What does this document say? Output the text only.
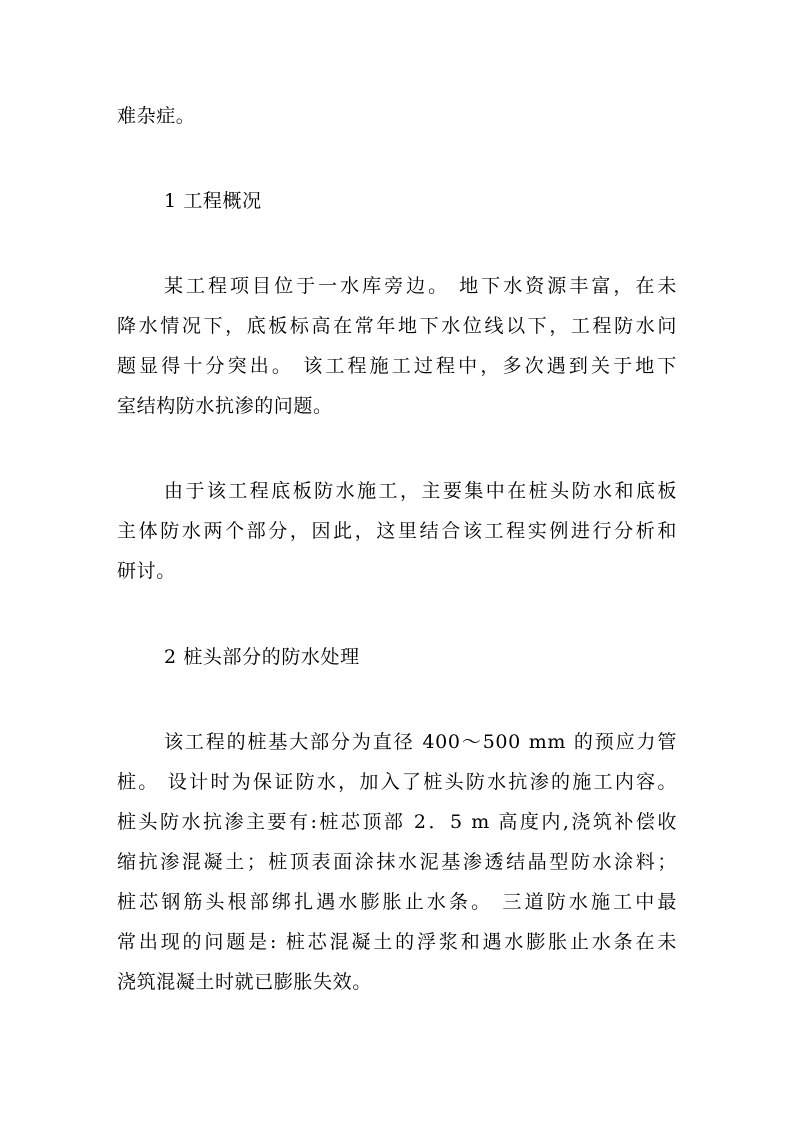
难杂症。
1 工程概况
某工程项目位于一水库旁边。 地下水资源丰富，在未
降水情况下，底板标高在常年地下水位线以下，工程防水问
题显得十分突出。 该工程施工过程中，多次遇到关于地下
室结构防水抗渗的问题。
由于该工程底板防水施工，主要集中在桩头防水和底板
主体防水两个部分，因此，这里结合该工程实例进行分析和
研讨。
2 桩头部分的防水处理
该工程的桩基大部分为直径 400～500 mm 的预应力管
桩。 设计时为保证防水，加入了桩头防水抗渗的施工内容。
桩头防水抗渗主要有:桩芯顶部 2．5 m 高度内,浇筑补偿收
缩抗渗混凝土；桩顶表面涂抹水泥基渗透结晶型防水涂料；
桩芯钢筋头根部绑扎遇水膨胀止水条。 三道防水施工中最
常出现的问题是: 桩芯混凝土的浮浆和遇水膨胀止水条在未
浇筑混凝土时就已膨胀失效。
